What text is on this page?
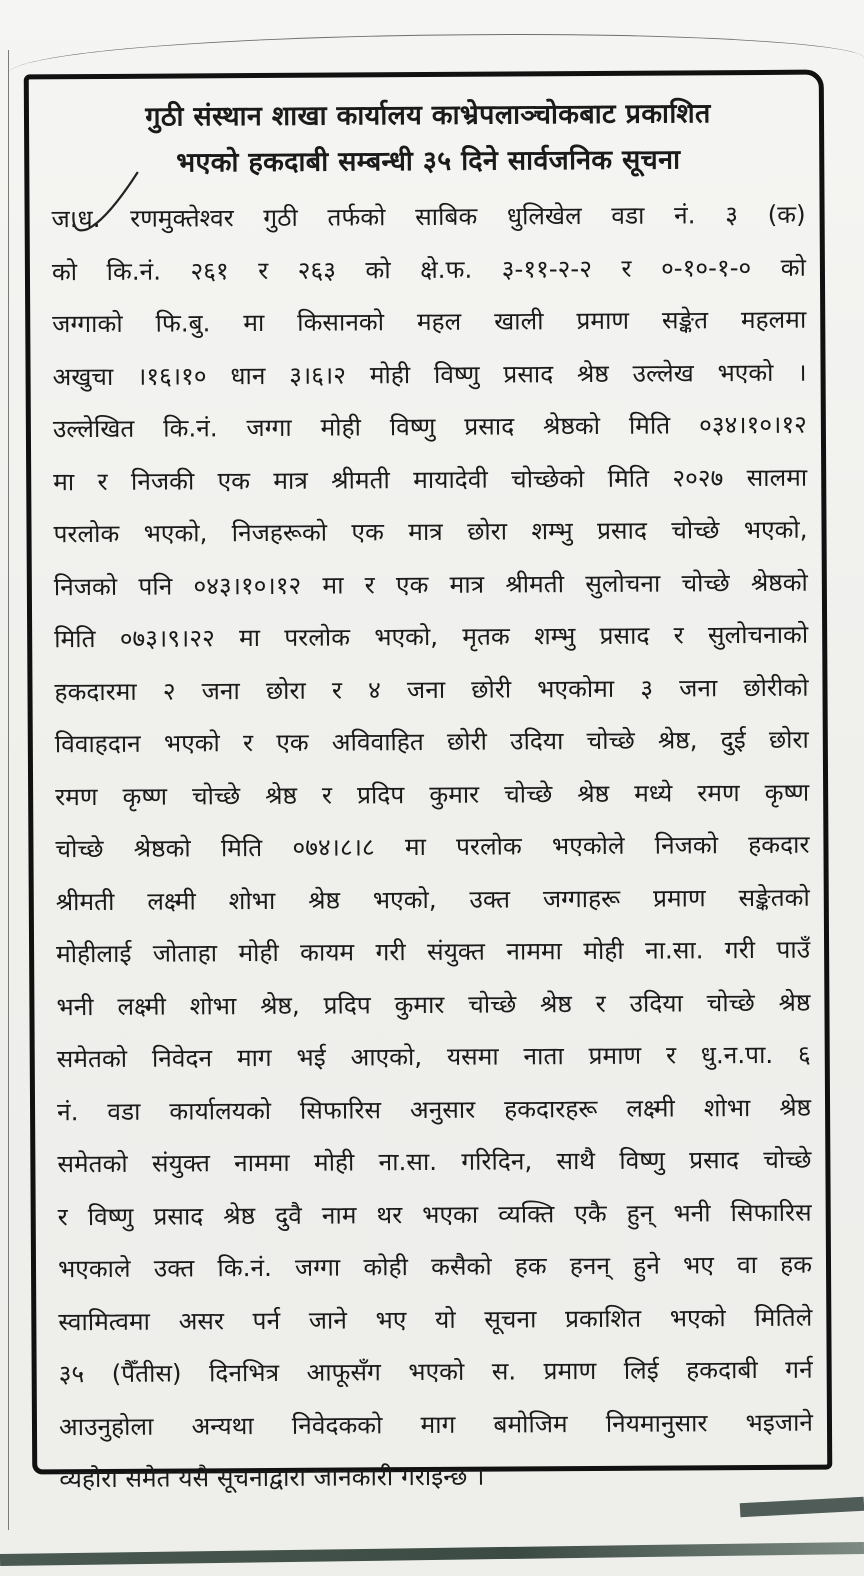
गुठी संस्थान शाखा कार्यालय काभ्रेपलाञ्चोकबाट प्रकाशित
भएको हकदाबी सम्बन्धी ३५ दिने सार्वजनिक सूचना
ज.ध. रणमुक्तेश्वर गुठी तर्फको साबिक धुलिखेल वडा नं. ३ (क)
को कि.नं. २६१ र २६३ को क्षे.फ. ३-११-२-२ र ०-१०-१-० को
जग्गाको फि.बु. मा किसानको महल खाली प्रमाण सङ्केत महलमा
अखुचा ।१६।१० धान ३।६।२ मोही विष्णु प्रसाद श्रेष्ठ उल्लेख भएको ।
उल्लेखित कि.नं. जग्गा मोही विष्णु प्रसाद श्रेष्ठको मिति ०३४।१०।१२
मा र निजकी एक मात्र श्रीमती मायादेवी चोच्छेको मिति २०२७ सालमा
परलोक भएको, निजहरूको एक मात्र छोरा शम्भु प्रसाद चोच्छे भएको,
निजको पनि ०४३।१०।१२ मा र एक मात्र श्रीमती सुलोचना चोच्छे श्रेष्ठको
मिति ०७३।९।२२ मा परलोक भएको, मृतक शम्भु प्रसाद र सुलोचनाको
हकदारमा २ जना छोरा र ४ जना छोरी भएकोमा ३ जना छोरीको
विवाहदान भएको र एक अविवाहित छोरी उदिया चोच्छे श्रेष्ठ, दुई छोरा
रमण कृष्ण चोच्छे श्रेष्ठ र प्रदिप कुमार चोच्छे श्रेष्ठ मध्ये रमण कृष्ण
चोच्छे श्रेष्ठको मिति ०७४।८।८ मा परलोक भएकोले निजको हकदार
श्रीमती लक्ष्मी शोभा श्रेष्ठ भएको, उक्त जग्गाहरू प्रमाण सङ्केतको
मोहीलाई जोताहा मोही कायम गरी संयुक्त नाममा मोही ना.सा. गरी पाउँ
भनी लक्ष्मी शोभा श्रेष्ठ, प्रदिप कुमार चोच्छे श्रेष्ठ र उदिया चोच्छे श्रेष्ठ
समेतको निवेदन माग भई आएको, यसमा नाता प्रमाण र धु.न.पा. ६
नं. वडा कार्यालयको सिफारिस अनुसार हकदारहरू लक्ष्मी शोभा श्रेष्ठ
समेतको संयुक्त नाममा मोही ना.सा. गरिदिन, साथै विष्णु प्रसाद चोच्छे
र विष्णु प्रसाद श्रेष्ठ दुवै नाम थर भएका व्यक्ति एकै हुन् भनी सिफारिस
भएकाले उक्त कि.नं. जग्गा कोही कसैको हक हनन् हुने भए वा हक
स्वामित्वमा असर पर्न जाने भए यो सूचना प्रकाशित भएको मितिले
३५ (पैँतीस) दिनभित्र आफूसँग भएको स. प्रमाण लिई हकदाबी गर्न
आउनुहोला अन्यथा निवेदकको माग बमोजिम नियमानुसार भइजाने
व्यहोरा समेत यसै सूचनाद्वारा जानकारी गराइन्छ ।
